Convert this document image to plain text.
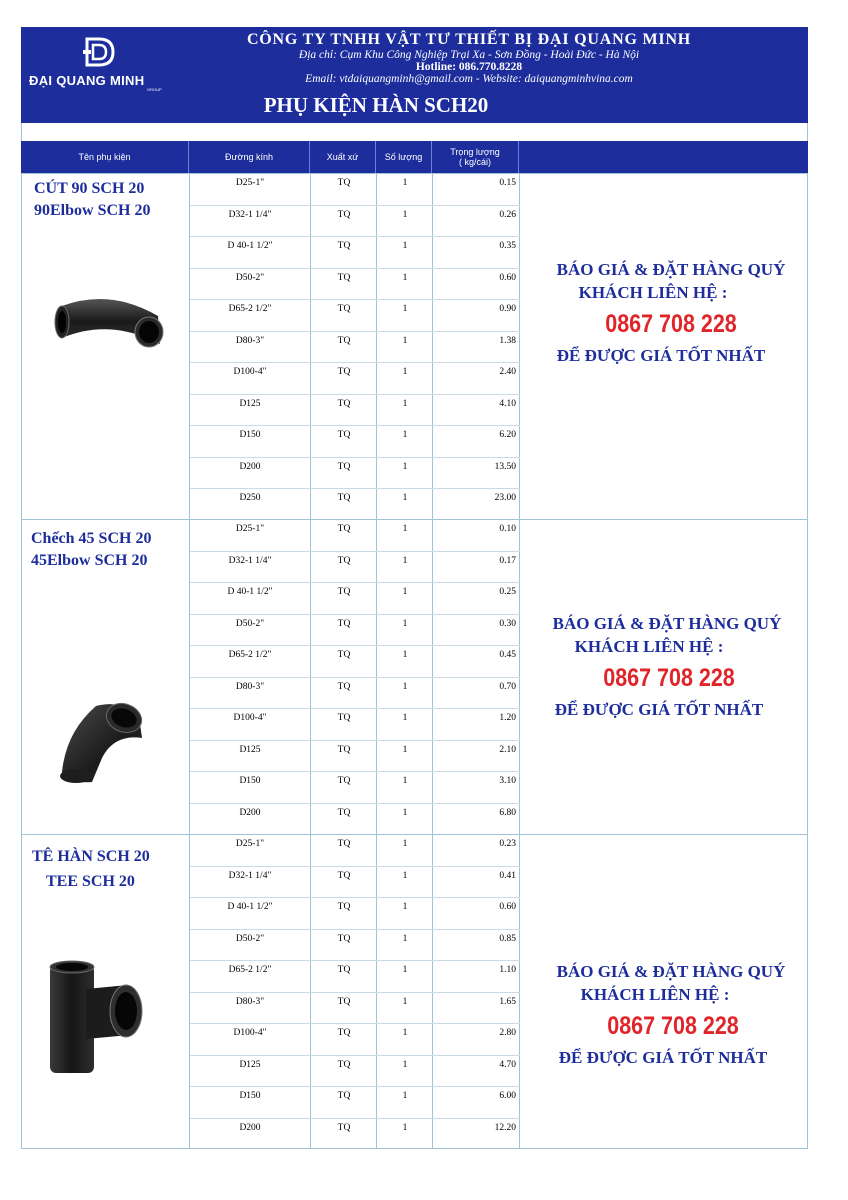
ĐẠI QUANG MINH
GROUP
CÔNG TY TNHH VẬT TƯ THIẾT BỊ ĐẠI QUANG MINH
Địa chỉ: Cụm Khu Công Nghiệp Trại Xa - Sơn Đồng - Hoài Đức - Hà Nội
Hotline: 086.770.8228
Email: vtdaiquangminh@gmail.com - Website: daiquangminhvina.com
PHỤ KIỆN HÀN SCH20
Tên phụ kiện	Đường kính	Xuất xứ	Số lượng	Trọng lượng
( kg/cái)
CÚT 90 SCH 20
90Elbow SCH 20
D25-1"	TQ	1	0.15
D32-1 1/4"	TQ	1	0.26
D 40-1 1/2"	TQ	1	0.35
D50-2"	TQ	1	0.60
D65-2 1/2"	TQ	1	0.90
D80-3"	TQ	1	1.38
D100-4"	TQ	1	2.40
D125	TQ	1	4.10
D150	TQ	1	6.20
D200	TQ	1	13.50
D250	TQ	1	23.00
BÁO GIÁ & ĐẶT HÀNG QUÝ
KHÁCH LIÊN HỆ :
0867 708 228
ĐỂ ĐƯỢC GIÁ TỐT NHẤT
Chếch 45 SCH 20
45Elbow SCH 20
D25-1"	TQ	1	0.10
D32-1 1/4"	TQ	1	0.17
D 40-1 1/2"	TQ	1	0.25
D50-2"	TQ	1	0.30
D65-2 1/2"	TQ	1	0.45
D80-3"	TQ	1	0.70
D100-4"	TQ	1	1.20
D125	TQ	1	2.10
D150	TQ	1	3.10
D200	TQ	1	6.80
BÁO GIÁ & ĐẶT HÀNG QUÝ
KHÁCH LIÊN HỆ :
0867 708 228
ĐỂ ĐƯỢC GIÁ TỐT NHẤT
TÊ HÀN SCH 20
TEE SCH 20
D25-1"	TQ	1	0.23
D32-1 1/4"	TQ	1	0.41
D 40-1 1/2"	TQ	1	0.60
D50-2"	TQ	1	0.85
D65-2 1/2"	TQ	1	1.10
D80-3"	TQ	1	1.65
D100-4"	TQ	1	2.80
D125	TQ	1	4.70
D150	TQ	1	6.00
D200	TQ	1	12.20
BÁO GIÁ & ĐẶT HÀNG QUÝ
KHÁCH LIÊN HỆ :
0867 708 228
ĐỂ ĐƯỢC GIÁ TỐT NHẤT
